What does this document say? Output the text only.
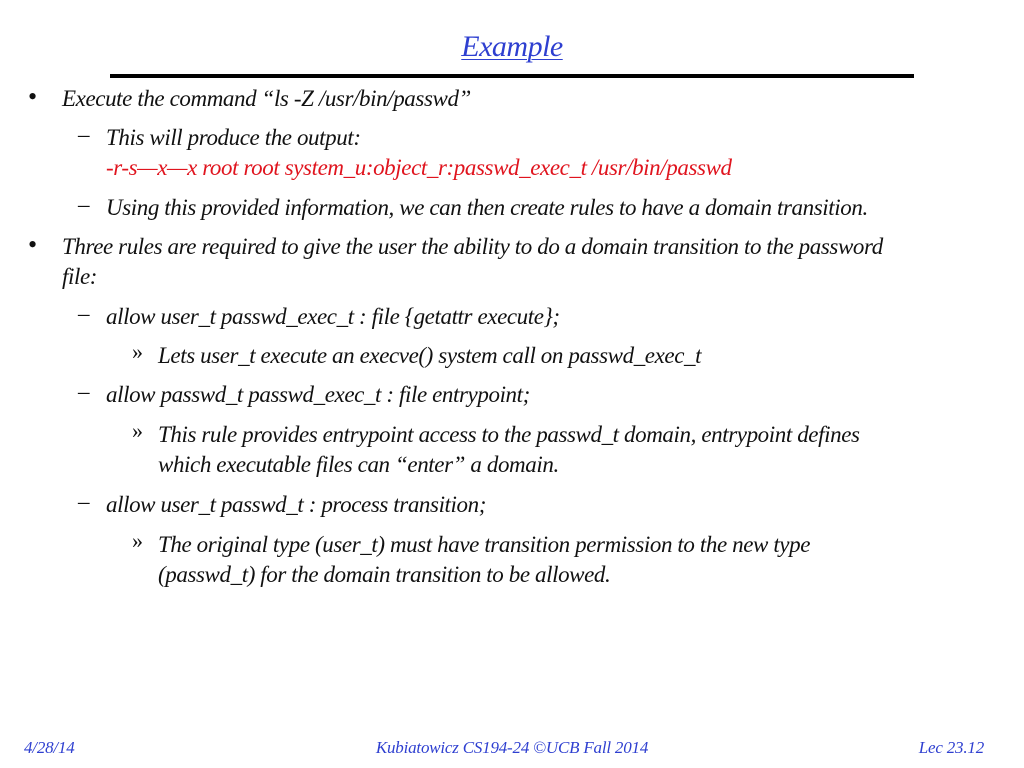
Example
• Execute the command “ls -Z /usr/bin/passwd”
– This will produce the output:
-r-s—x—x root root system_u:object_r:passwd_exec_t /usr/bin/passwd
– Using this provided information, we can then create rules to have a domain transition.
• Three rules are required to give the user the ability to do a domain transition to the password
file:
– allow user_t passwd_exec_t : file {getattr execute};
» Lets user_t execute an execve() system call on passwd_exec_t
– allow passwd_t passwd_exec_t : file entrypoint;
» This rule provides entrypoint access to the passwd_t domain, entrypoint defines
which executable files can “enter” a domain.
– allow user_t passwd_t : process transition;
» The original type (user_t) must have transition permission to the new type
(passwd_t) for the domain transition to be allowed.
4/28/14	Kubiatowicz CS194-24 ©UCB Fall 2014	Lec 23.12
